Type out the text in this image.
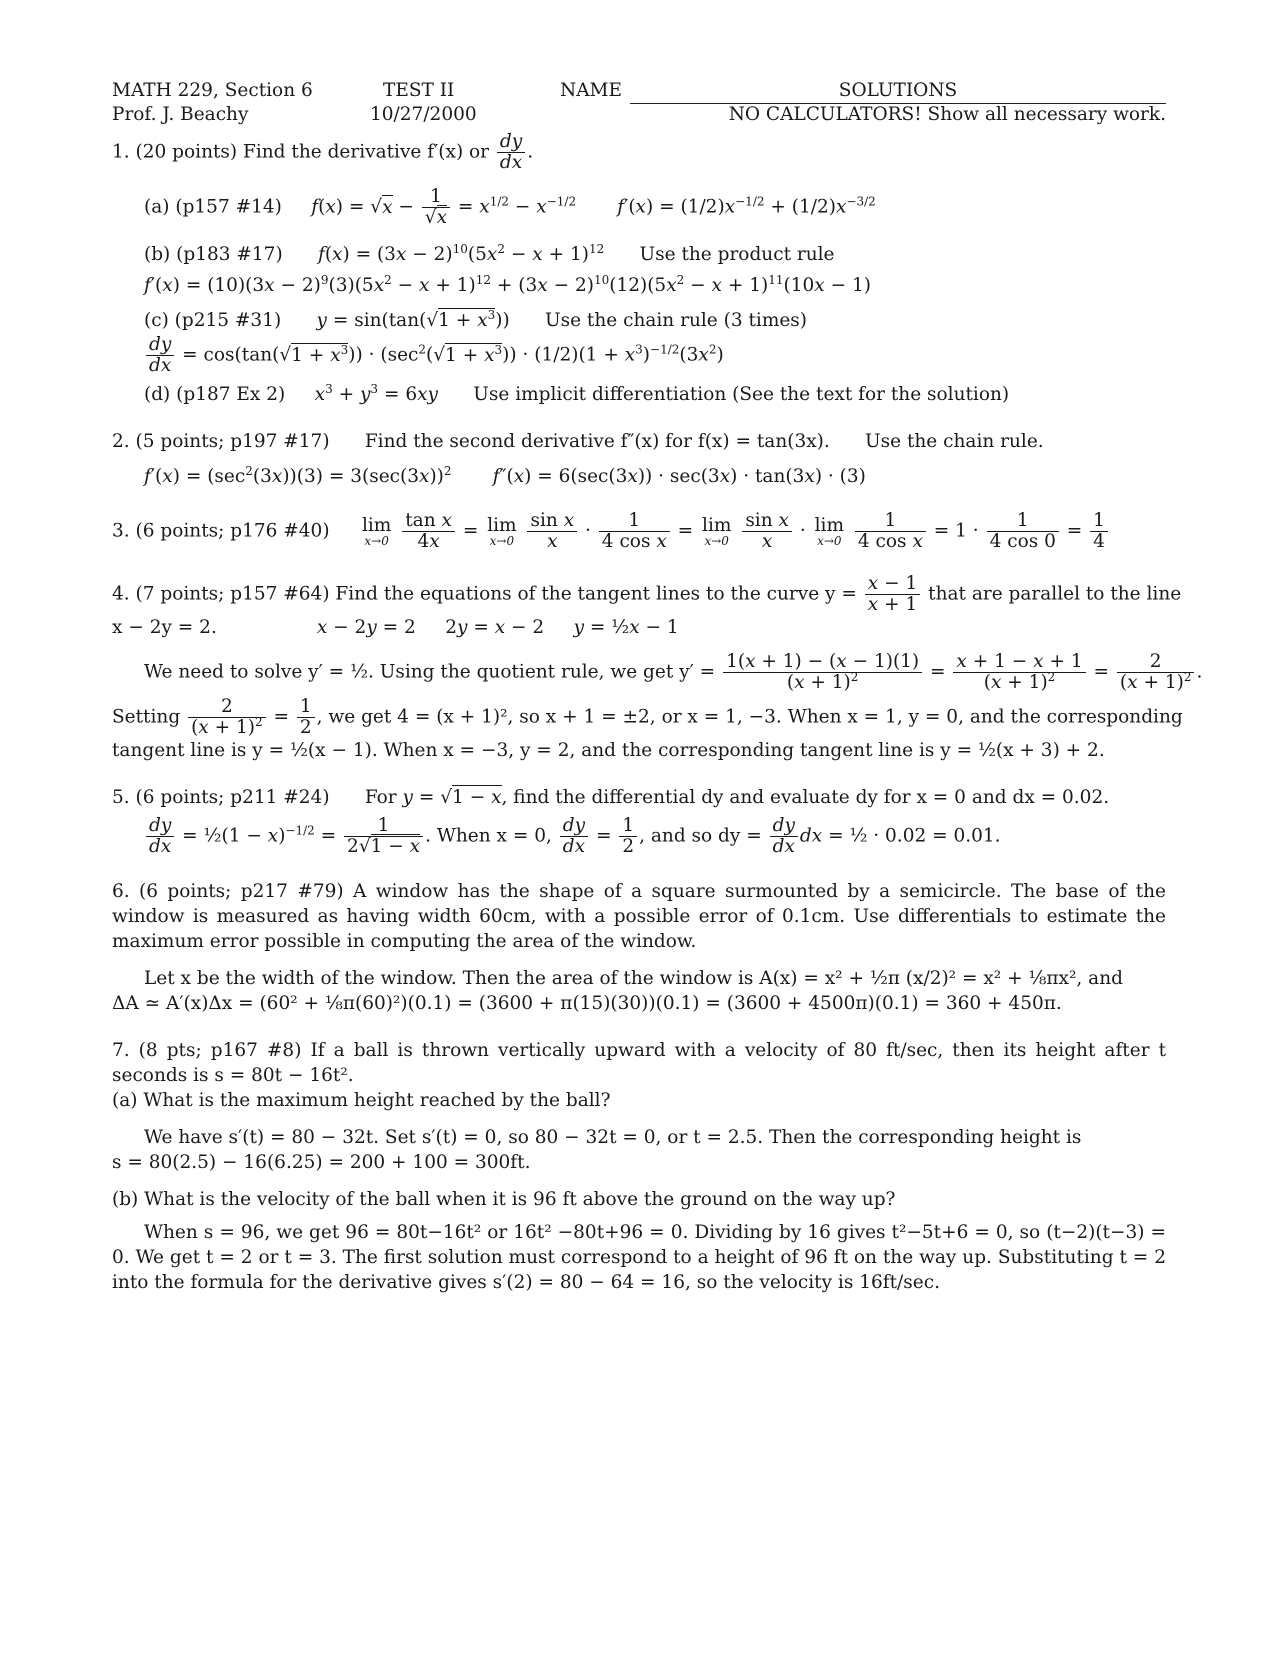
MATH 229, Section 6
Prof. J. Beachy
TEST II
10/27/2000
NAME	SOLUTIONS
NO CALCULATORS! Show all necessary work.
1. (20 points) Find the derivative f′(x) or $\frac{dy}{dx}$ .
(a) (p157 #14) $f(x) = √x - \frac{1}{√x} = x^{1/2} - x^{-1/2}$ $f'(x) = (1/2)x^{-1/2} + (1/2)x^{-3/2}$
(b) (p183 #17) $f(x) = (3x - 2)^{10}(5x^2 - x + 1)^{12}$ Use the product rule
$f'(x) = (10)(3x - 2)^9(3)(5x^2 - x + 1)^{12} + (3x - 2)^{10}(12)(5x^2 - x + 1)^{11}(10x - 1)$
(c) (p215 #31) $y = \sin(\tan(√1 + x^3))$      Use the chain rule (3 times)
$\frac{dy}{dx} = \cos(\tan(√1 + x^3)) \cdot (\sec^2(√1 + x^3)) \cdot (1/2)(1 + x^3)^{-1/2}(3x^2)$
(d) (p187 Ex 2) $x^3 + y^3 = 6xy$ Use implicit differentiation (See the text for the solution)
2. (5 points; p197 #17) Find the second derivative f″(x) for f(x) = tan(3x). Use the chain rule.
$f'(x) = (\sec^2(3x))(3) = 3(\sec(3x))^2$ f″(x) = 6(sec(3x)) · sec(3x) · tan(3x) · (3)
3. (6 points; p176 #40) lim
x→0
$\frac{\text{tan x}}{4x} = \lim$
x→0
$\frac{\text{sin x}}{x} \cdot \frac{1}{\text{4 cos x}} = \lim$
x→0
$\frac{\text{sin x}}{x} \cdot \lim$
x→0
$\frac{1}{\text{4 cos x}} = 1 \cdot \frac{1}{4 \cos 0} = \frac{1}{4}$
4. (7 points; p157 #64) Find the equations of the tangent lines to the curve $y = \frac{x - 1}{x + 1}$ that are parallel to the line
x − 2y = 2.	x − 2y = 2     2y = x − 2     y = ½x − 1
We need to solve y′ = ½. Using the quotient rule, we get $y' = \frac{1(x + 1) - (x - 1)(1)}{(x + 1)^2} = \frac{x + 1 - x + 1}{(x + 1)^2} = \frac{2}{(x + 1)^2}$ .
Setting $\frac{2}{(x + 1)^2} = \frac{1}{2}$ , we get 4 = (x + 1)², so x + 1 = ±2, or x = 1, −3. When x = 1, y = 0, and the corresponding
tangent line is y = ½(x − 1). When x = −3, y = 2, and the corresponding tangent line is y = ½(x + 3) + 2.
5. (6 points; p211 #24)      For y = √1 − x, find the differential dy and evaluate dy for x = 0 and dx = 0.02.
$\frac{dy}{dx}$ = ½(1 − $x)^{-1/2} = \frac{1}{2√1 - x}$ . When x = 0, $\frac{dy}{dx} = \frac{1}{2}$ , and so dy = $\frac{dy}{dx}$ dx = ½ · 0.02 = 0.01.
6. (6 points; p217 #79) A window has the shape of a square surmounted by a semicircle. The base of the window is measured as having width 60cm, with a possible error of 0.1cm. Use differentials to estimate the maximum error possible in computing the area of the window.
Let x be the width of the window. Then the area of the window is A(x) = x² + ½π (x/2)² = x² + ⅛πx², and
ΔA ≃ A′(x)Δx = (60² + ⅛π(60)²)(0.1) = (3600 + π(15)(30))(0.1) = (3600 + 4500π)(0.1) = 360 + 450π.
7. (8 pts; p167 #8) If a ball is thrown vertically upward with a velocity of 80 ft/sec, then its height after t seconds is s = 80t − 16t².
(a) What is the maximum height reached by the ball?
We have s′(t) = 80 − 32t. Set s′(t) = 0, so 80 − 32t = 0, or t = 2.5. Then the corresponding height is
s = 80(2.5) − 16(6.25) = 200 + 100 = 300ft.
(b) What is the velocity of the ball when it is 96 ft above the ground on the way up?
When s = 96, we get 96 = 80t−16t² or 16t² −80t+96 = 0. Dividing by 16 gives t²−5t+6 = 0, so (t−2)(t−3) = 0. We get t = 2 or t = 3. The first solution must correspond to a height of 96 ft on the way up. Substituting t = 2 into the formula for the derivative gives s′(2) = 80 − 64 = 16, so the velocity is 16ft/sec.
